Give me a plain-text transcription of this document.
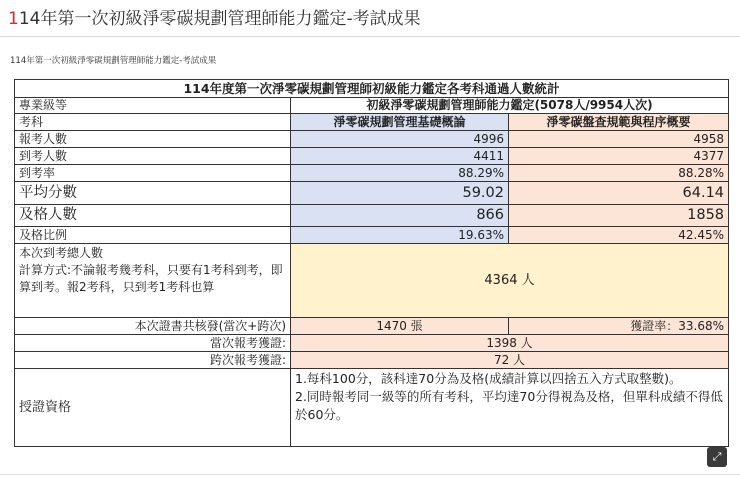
114年第一次初級淨零碳規劃管理師能力鑑定-考試成果
114年第一次初級淨零碳規劃管理師能力鑑定-考試成果
114年度第一次淨零碳規劃管理師初級能力鑑定各考科通過人數統計		
專業級等	初級淨零碳規劃管理師能力鑑定(5078人/9954人次)	
考科	淨零碳規劃管理基礎概論	淨零碳盤查規範與程序概要
報考人數	4996	4958
到考人數	4411	4377
到考率	88.29%	88.28%
平均分數	59.02	64.14
及格人數	866	1858
及格比例	19.63%	42.45%
本次到考總人數
計算方式:不論報考幾考科，只要有1考科到考，即算到考。報2考科，只到考1考科也算	4364 人	
本次證書共核發(當次+跨次)	1470 張	獲證率：33.68%
當次報考獲證:	1398 人	
跨次報考獲證:	72 人	
授證資格	1.每科100分，該科達70分為及格(成績計算以四捨五入方式取整數)。
2.同時報考同一級等的所有考科，平均達70分得視為及格，但單科成績不得低於60分。	
⤢
